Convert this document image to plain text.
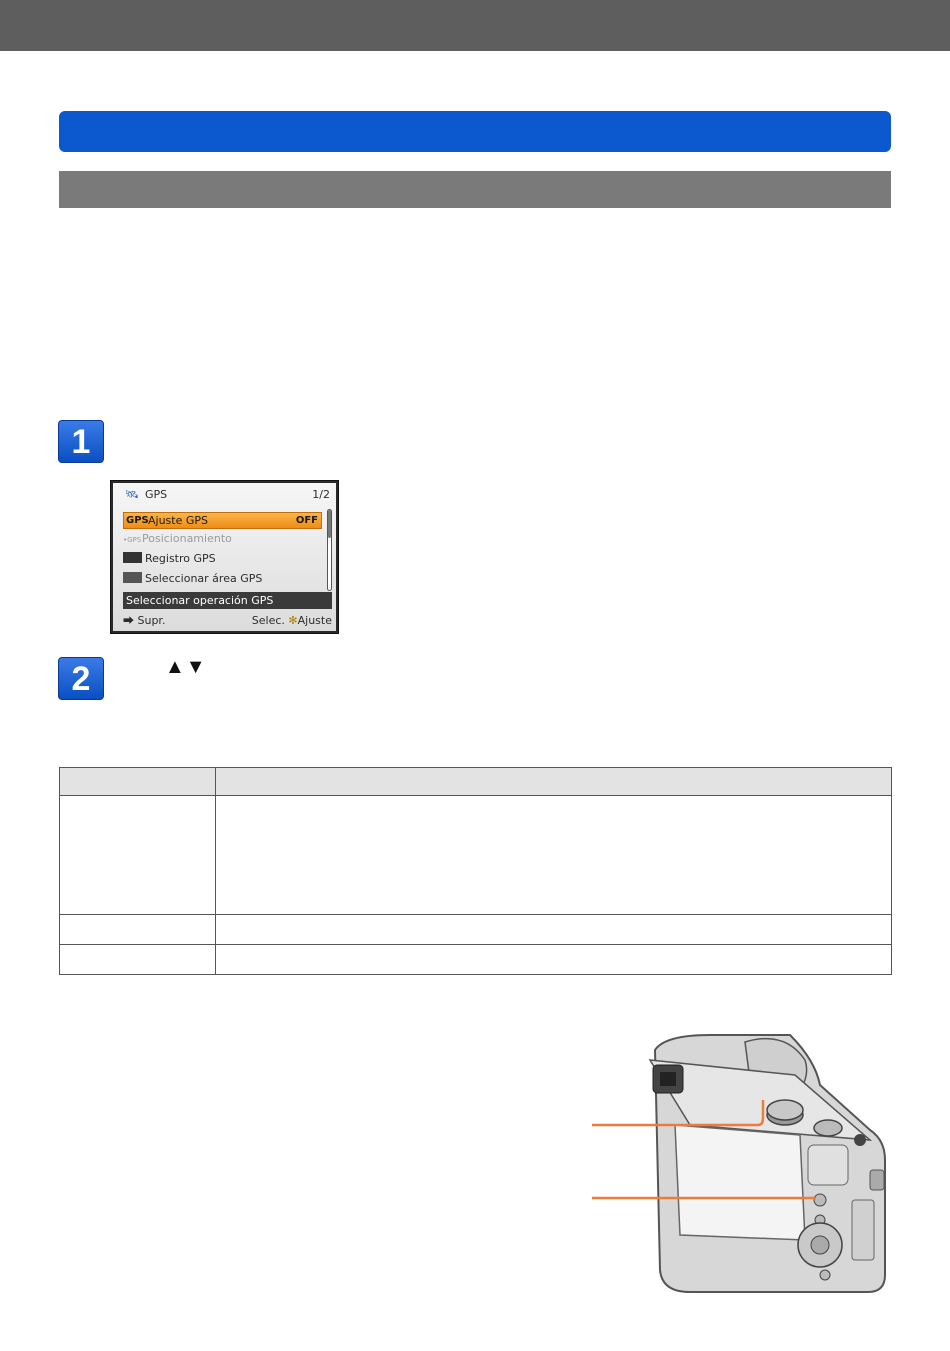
1
🛰 GPS	1/2
GPS Ajuste GPS	OFF
•GPSPosicionamiento
Registro GPS
Seleccionar área GPS
Seleccionar operación GPS
⮕ Supr.	Selec. ✻Ajuste
2	▲▼
